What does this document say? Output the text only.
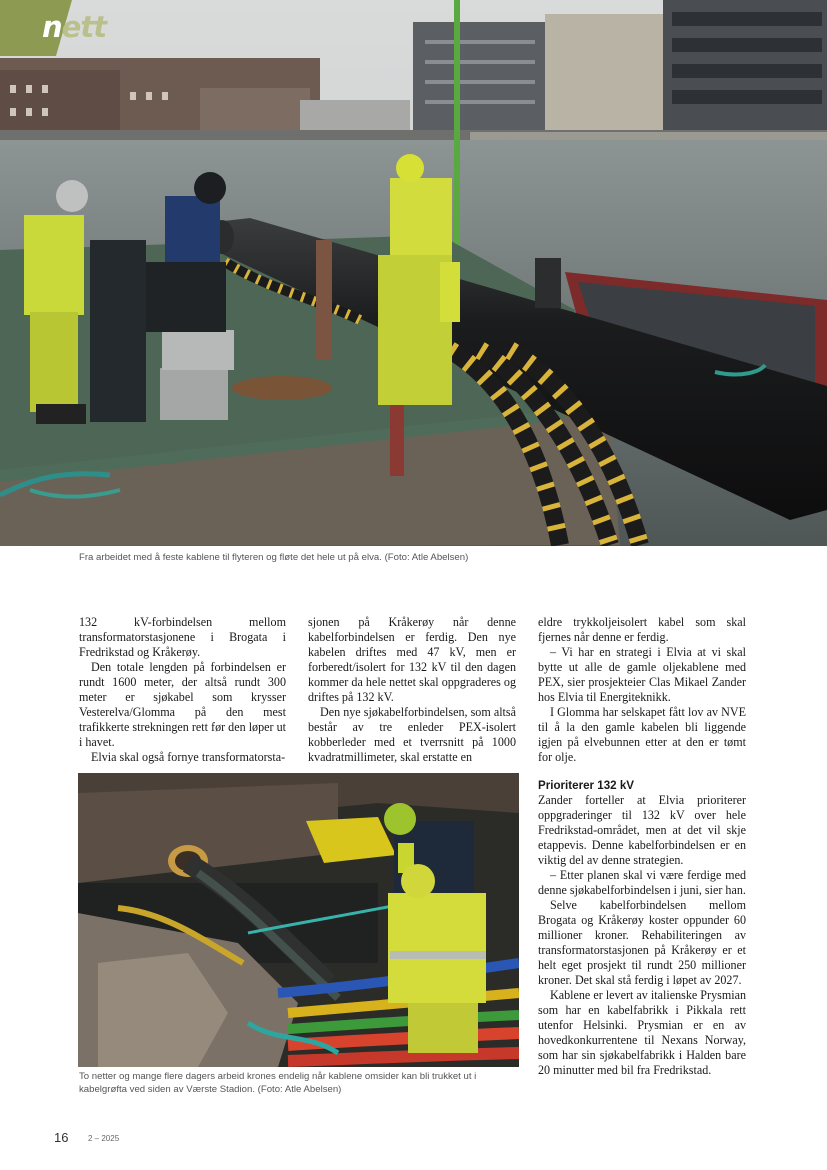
nett
Fra arbeidet med å feste kablene til flyteren og fløte det hele ut på elva. (Foto: Atle Abelsen)

132 kV-forbindelsen mellom transformatorstasjonene i Brogata i Fredrikstad og Kråkerøy.

Den totale lengden på forbindelsen er rundt 1600 meter, der altså rundt 300 meter er sjøkabel som krysser Vesterelva/Glomma på den mest trafikkerte strekningen rett før den løper ut i havet.

Elvia skal også fornye transformatorsta-

sjonen på Kråkerøy når denne kabelforbindelsen er ferdig. Den nye kabelen driftes med 47 kV, men er forberedt/isolert for 132 kV til den dagen kommer da hele nettet skal oppgraderes og driftes på 132 kV.

Den nye sjøkabelforbindelsen, som altså består av tre enleder PEX-isolert kobberleder med et tverrsnitt på 1000 kvadratmillimeter, skal erstatte en

eldre trykkoljeisolert kabel som skal fjernes når denne er ferdig.

– Vi har en strategi i Elvia at vi skal bytte ut alle de gamle oljekablene med PEX, sier prosjekteier Clas Mikael Zander hos Elvia til Energiteknikk.

I Glomma har selskapet fått lov av NVE til å la den gamle kabelen bli liggende igjen på elvebunnen etter at den er tømt for olje.

Prioriterer 132 kV

Zander forteller at Elvia prioriterer oppgraderinger til 132 kV over hele Fredrikstad-området, men at det vil skje etappevis. Denne kabelforbindelsen er en viktig del av denne strategien.

– Etter planen skal vi være ferdige med denne sjøkabelforbindelsen i juni, sier han.

Selve kabelforbindelsen mellom Brogata og Kråkerøy koster oppunder 60 millioner kroner. Rehabiliteringen av transformatorstasjonen på Kråkerøy er et helt eget prosjekt til rundt 250 millioner kroner. Det skal stå ferdig i løpet av 2027.

Kablene er levert av italienske Prysmian som har en kabelfabrikk i Pikkala rett utenfor Helsinki. Prysmian er en av hovedkonkurrentene til Nexans Norway, som har sin sjøkabelfabrikk i Halden bare 20 minutter med bil fra Fredrikstad.

To netter og mange flere dagers arbeid krones endelig når kablene omsider kan bli trukket ut i
kabelgrøfta ved siden av Værste Stadion. (Foto: Atle Abelsen)
16 2 – 2025
